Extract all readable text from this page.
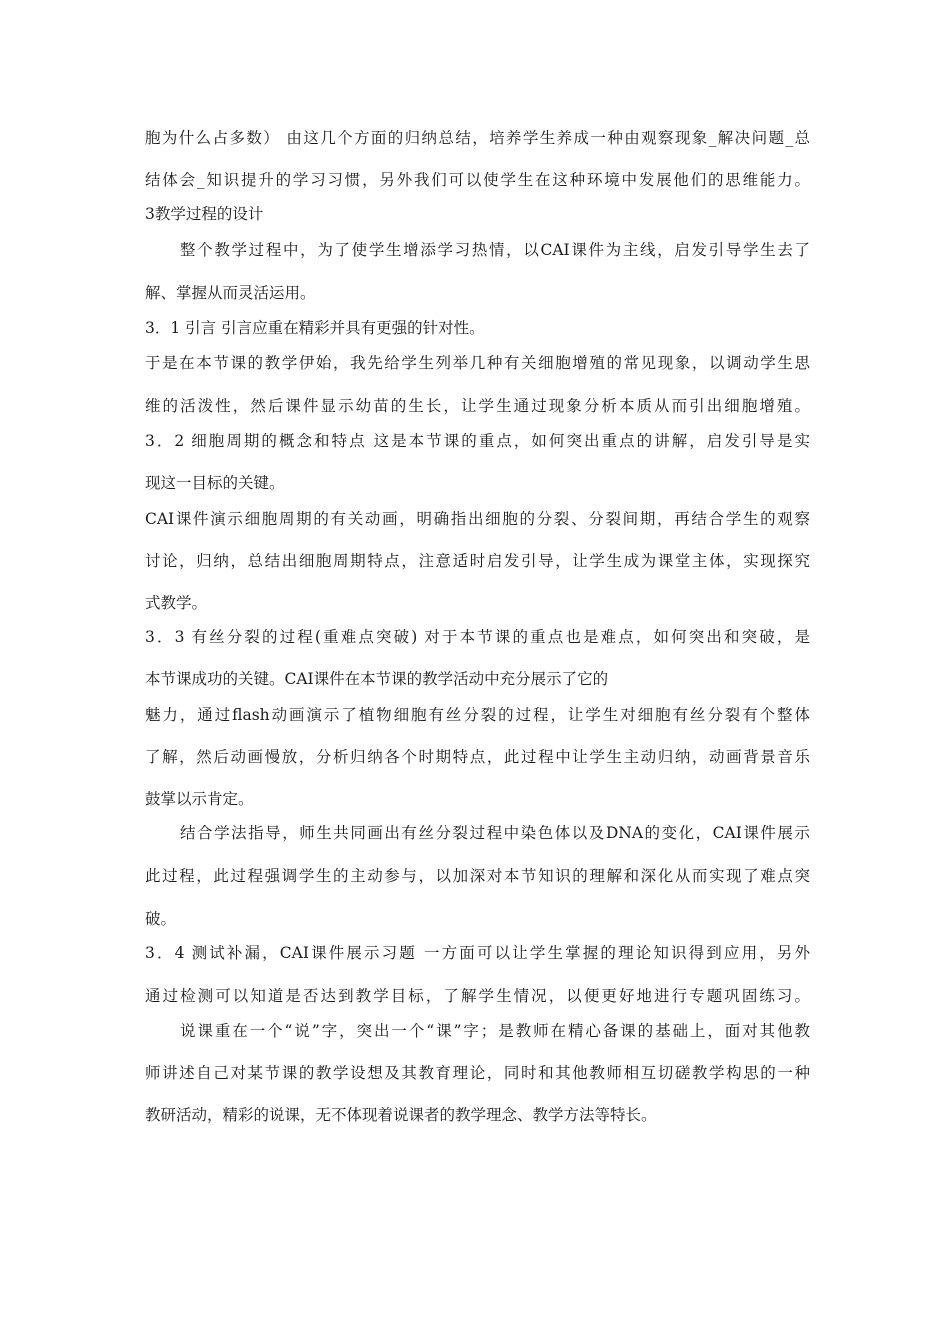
胞为什么占多数） 由这几个方面的归纳总结，培养学生养成一种由观察现象_解决问题_总

结体会_知识提升的学习习惯，另外我们可以使学生在这种环境中发展他们的思维能力。

3教学过程的设计

整个教学过程中，为了使学生增添学习热情，以CAI课件为主线，启发引导学生去了

解、掌握从而灵活运用。

3．1 引言 引言应重在精彩并具有更强的针对性。

于是在本节课的教学伊始，我先给学生列举几种有关细胞增殖的常见现象，以调动学生思

维的活泼性，然后课件显示幼苗的生长，让学生通过现象分析本质从而引出细胞增殖。

3．2 细胞周期的概念和特点 这是本节课的重点，如何突出重点的讲解，启发引导是实

现这一目标的关键。

CAI课件演示细胞周期的有关动画，明确指出细胞的分裂、分裂间期，再结合学生的观察

讨论，归纳，总结出细胞周期特点，注意适时启发引导，让学生成为课堂主体，实现探究

式教学。

3．3 有丝分裂的过程(重难点突破) 对于本节课的重点也是难点，如何突出和突破，是

本节课成功的关键。CAI课件在本节课的教学活动中充分展示了它的

魅力，通过flash动画演示了植物细胞有丝分裂的过程，让学生对细胞有丝分裂有个整体

了解，然后动画慢放，分析归纳各个时期特点，此过程中让学生主动归纳，动画背景音乐

鼓掌以示肯定。

结合学法指导，师生共同画出有丝分裂过程中染色体以及DNA的变化，CAI课件展示

此过程，此过程强调学生的主动参与，以加深对本节知识的理解和深化从而实现了难点突

破。

3．4 测试补漏，CAI课件展示习题 一方面可以让学生掌握的理论知识得到应用，另外

通过检测可以知道是否达到教学目标，了解学生情况，以便更好地进行专题巩固练习。

说课重在一个“说”字，突出一个“课”字；是教师在精心备课的基础上，面对其他教

师讲述自己对某节课的教学设想及其教育理论，同时和其他教师相互切磋教学构思的一种

教研活动，精彩的说课，无不体现着说课者的教学理念、教学方法等特长。
